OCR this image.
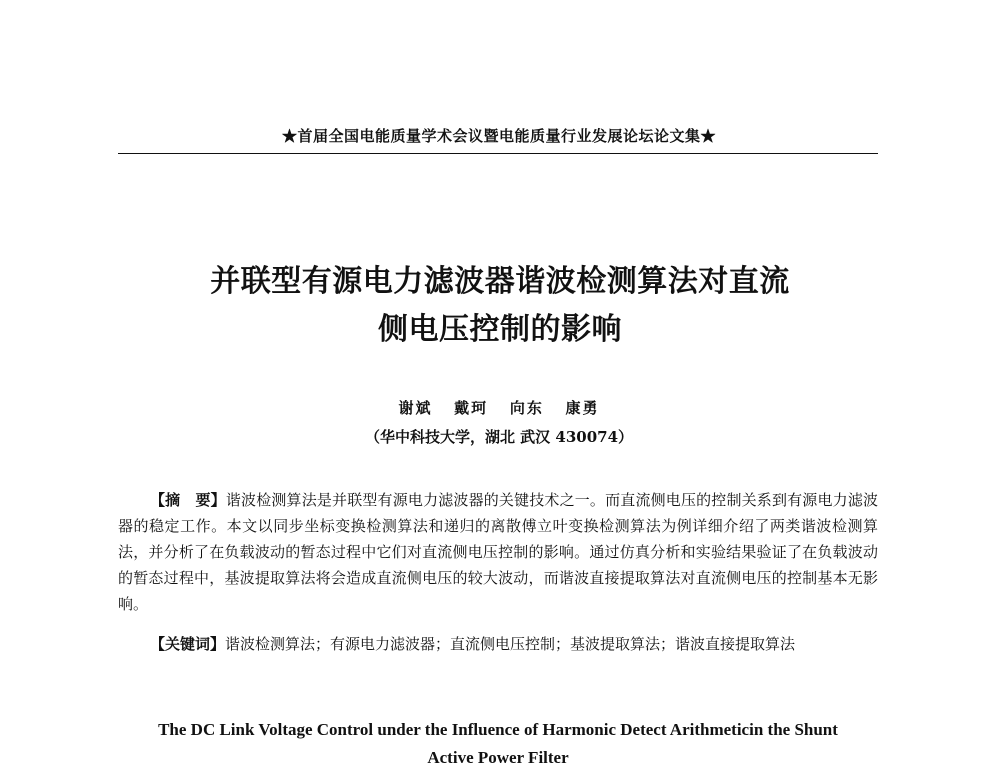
★首届全国电能质量学术会议暨电能质量行业发展论坛论文集★
并联型有源电力滤波器谐波检测算法对直流
侧电压控制的影响
谢斌   戴珂   向东   康勇
（华中科技大学，湖北 武汉 430074）
【摘　要】谐波检测算法是并联型有源电力滤波器的关键技术之一。而直流侧电压的控制关系到有源电力滤波器的稳定工作。本文以同步坐标变换检测算法和递归的离散傅立叶变换检测算法为例详细介绍了两类谐波检测算法，并分析了在负载波动的暂态过程中它们对直流侧电压控制的影响。通过仿真分析和实验结果验证了在负载波动的暂态过程中，基波提取算法将会造成直流侧电压的较大波动，而谐波直接提取算法对直流侧电压的控制基本无影响。
【关键词】谐波检测算法；有源电力滤波器；直流侧电压控制；基波提取算法；谐波直接提取算法
The DC Link Voltage Control under the Influence of Harmonic Detect Arithmeticin the Shunt
Active Power Filter
